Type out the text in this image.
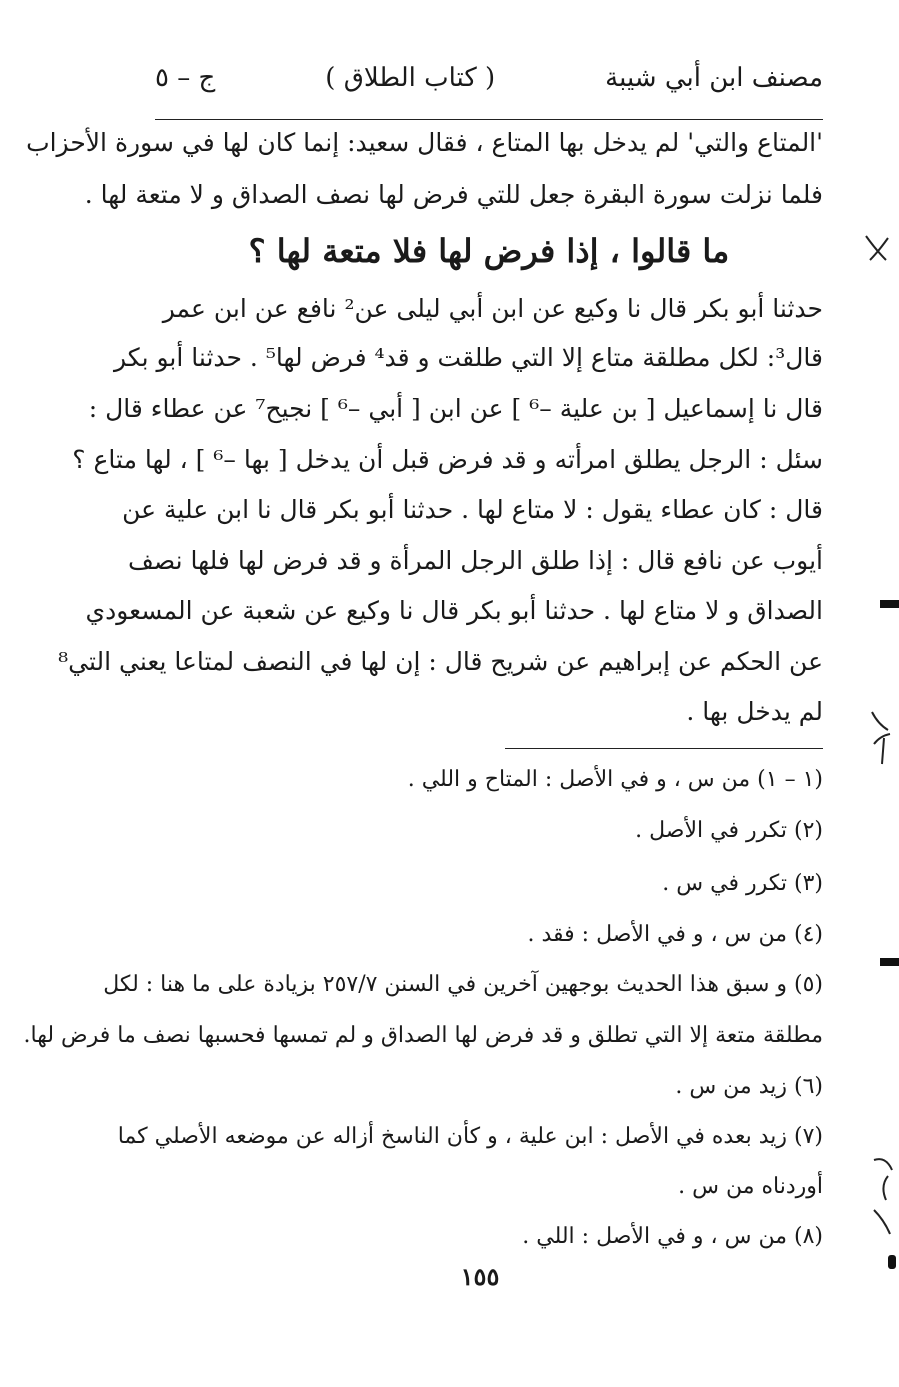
مصنف ابن أبي شيبة
( كتاب الطلاق )
ج – ٥
'المتاع والتي' لم يدخل بها المتاع ، فقال سعيد: إنما كان لها في سورة الأحزاب
فلما نزلت سورة البقرة جعل للتي فرض لها نصف الصداق و لا متعة لها .
ما قالوا ، إذا فرض لها فلا متعة لها ؟
حدثنا أبو بكر قال نا وكيع عن ابن أبي ليلى عن² نافع عن ابن عمر
قال³: لكل مطلقة متاع إلا التي طلقت و قد⁴ فرض لها⁵ . حدثنا أبو بكر
قال نا إسماعيل [ بن علية –⁶ ] عن ابن [ أبي –⁶ ] نجيح⁷ عن عطاء قال :
سئل : الرجل يطلق امرأته و قد فرض قبل أن يدخل [ بها –⁶ ] ، لها متاع ؟
قال : كان عطاء يقول : لا متاع لها . حدثنا أبو بكر قال نا ابن علية عن
أيوب عن نافع قال : إذا طلق الرجل المرأة و قد فرض لها فلها نصف
الصداق و لا متاع لها . حدثنا أبو بكر قال نا وكيع عن شعبة عن المسعودي
عن الحكم عن إبراهيم عن شريح قال : إن لها في النصف لمتاعا يعني التي⁸
لم يدخل بها .
(١ – ١) من س ، و في الأصل : المتاح و اللي .
(٢) تكرر في الأصل .
(٣) تكرر في س .
(٤) من س ، و في الأصل : فقد .
(٥) و سبق هذا الحديث بوجهين آخرين في السنن ٢٥٧/٧ بزيادة على ما هنا : لكل
مطلقة متعة إلا التي تطلق و قد فرض لها الصداق و لم تمسها فحسبها نصف ما فرض لها.
(٦) زيد من س .
(٧) زيد بعده في الأصل : ابن علية ، و كأن الناسخ أزاله عن موضعه الأصلي كما
أوردناه من س .
(٨) من س ، و في الأصل : اللي .
١٥٥
